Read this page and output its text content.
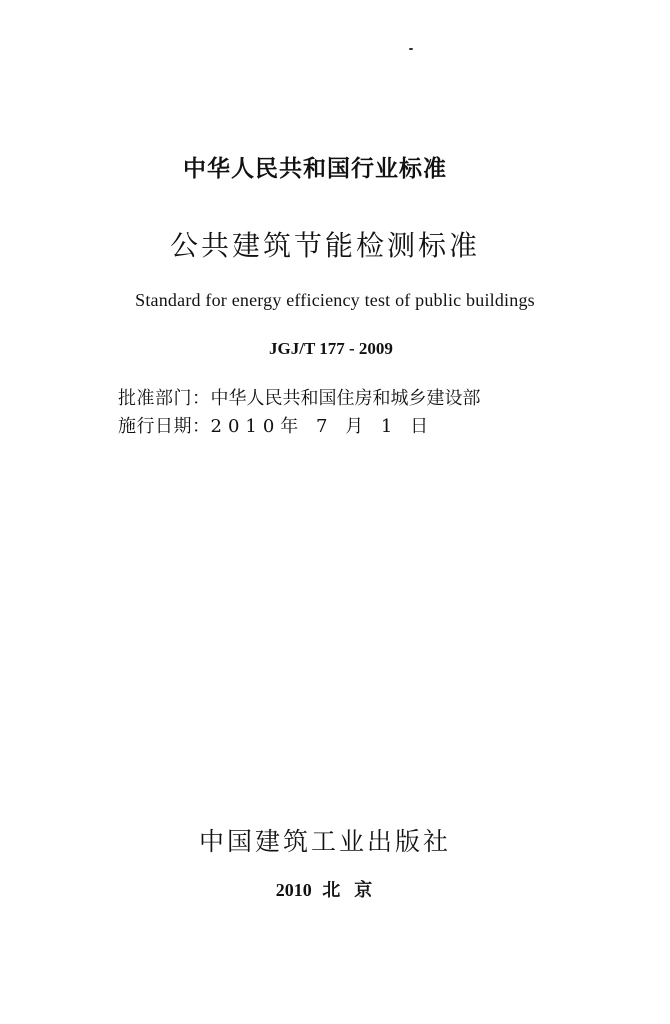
中华人民共和国行业标准
公共建筑节能检测标准
Standard for energy efficiency test of public buildings
JGJ/T 177 - 2009
批准部门：中华人民共和国住房和城乡建设部
施行日期：2010年 7 月 1 日
中国建筑工业出版社
2010 北京
